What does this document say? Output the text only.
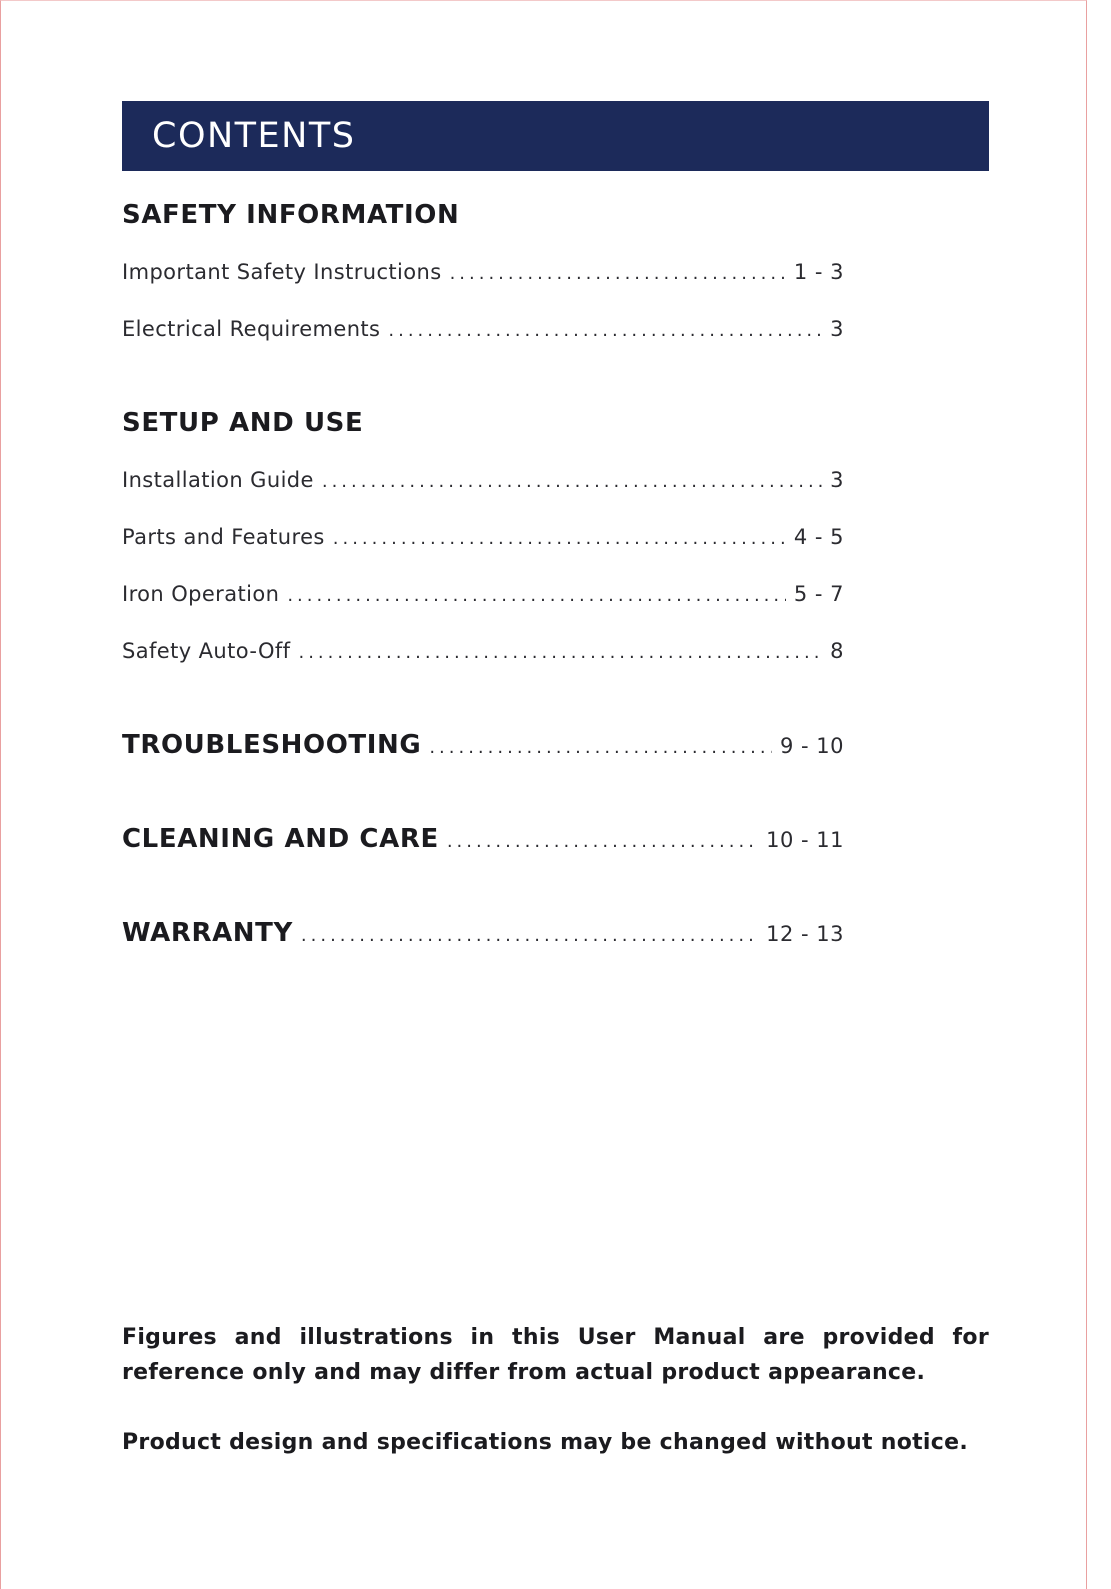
CONTENTS
SAFETY INFORMATION
Important Safety Instructions .....	1 - 3
Electrical Requirements .....	3
SETUP AND USE
Installation Guide .....	3
Parts and Features .....	4 - 5
Iron Operation .....	5 - 7
Safety Auto-Off .....	8
TROUBLESHOOTING .....	9 - 10
CLEANING AND CARE .....	10 - 11
WARRANTY .....	12 - 13
Figures and illustrations in this User Manual are provided for reference only and may differ from actual product appearance.
Product design and specifications may be changed without notice.
